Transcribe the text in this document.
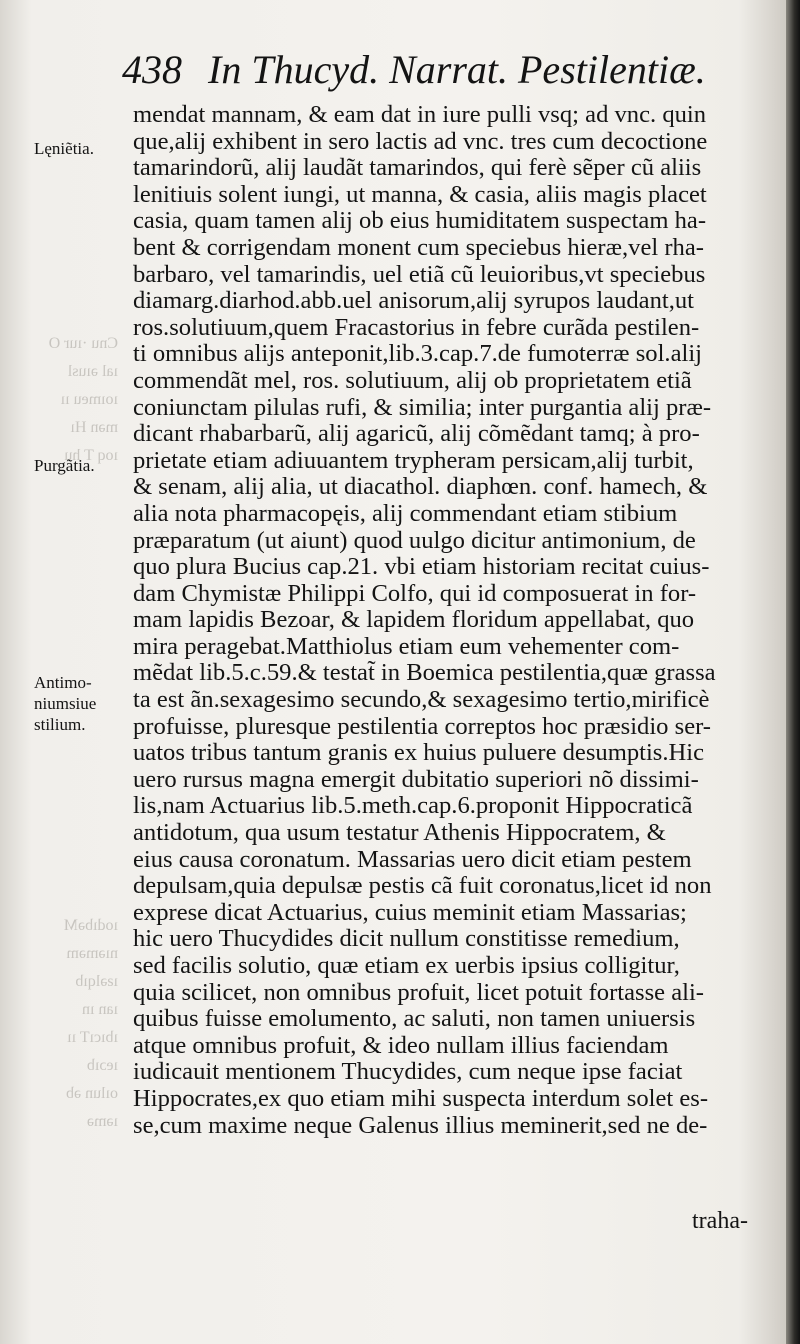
Cnu ·ıur O
ıal əıusl
ıoımeu ıı
mən Hı
ıoq T hu
ıodıbəM
nıəməm
ıƨəlqıb
ıan ın
ıbıcıT ıı
ıeɔıb
oılun əb
ıəmə
438 In Thucyd. Narrat. Pestilentiæ.
Lęniẽtia.
Purgãtia.
Antimo-
niumsiue
stilium.
mendat mannam, & eam dat in iure pulli vsq; ad vnc. quin
que,alij exhibent in sero lactis ad vnc. tres cum decoctione
tamarindorũ, alij laudãt tamarindos, qui ferè sẽper cũ aliis
lenitiuis solent iungi, ut manna, & casia, aliis magis placet
casia, quam tamen alij ob eius humiditatem suspectam ha-
bent & corrigendam monent cum speciebus hieræ,vel rha-
barbaro, vel tamarindis, uel etiã cũ leuioribus,vt speciebus
diamarg.diarhod.abb.uel anisorum,alij syrupos laudant,ut
ros.solutiuum,quem Fracastorius in febre curãda pestilen-
ti omnibus alijs anteponit,lib.3.cap.7.de fumoterræ sol.alij
commendãt mel, ros. solutiuum, alij ob proprietatem etiã
coniunctam pilulas rufi, & similia; inter purgantia alij præ-
dicant rhabarbarũ, alij agaricũ, alij cõmẽdant tamq; à pro-
prietate etiam adiuuantem trypheram persicam,alij turbit,
& senam, alij alia, ut diacathol. diaphœn. conf. hamech, &
alia nota pharmacopęis, alij commendant etiam stibium
præparatum (ut aiunt) quod uulgo dicitur antimonium, de
quo plura Bucius cap.21. vbi etiam historiam recitat cuius-
dam Chymistæ Philippi Colfo, qui id composuerat in for-
mam lapidis Bezoar, & lapidem floridum appellabat, quo
mira peragebat.Matthiolus etiam eum vehementer com-
mẽdat lib.5.c.59.& testat̃ in Boemica pestilentia,quæ grassa
ta est ãn.sexagesimo secundo,& sexagesimo tertio,mirificè
profuisse, pluresque pestilentia correptos hoc præsidio ser-
uatos tribus tantum granis ex huius puluere desumptis.Hic
uero rursus magna emergit dubitatio superiori nõ dissimi-
lis,nam Actuarius lib.5.meth.cap.6.proponit Hippocraticã
antidotum, qua usum testatur Athenis Hippocratem, &
eius causa coronatum. Massarias uero dicit etiam pestem
depulsam,quia depulsæ pestis cã fuit coronatus,licet id non
exprese dicat Actuarius, cuius meminit etiam Massarias;
hic uero Thucydides dicit nullum constitisse remedium,
sed facilis solutio, quæ etiam ex uerbis ipsius colligitur,
quia scilicet, non omnibus profuit, licet potuit fortasse ali-
quibus fuisse emolumento, ac saluti, non tamen uniuersis
atque omnibus profuit, & ideo nullam illius faciendam
iudicauit mentionem Thucydides, cum neque ipse faciat
Hippocrates,ex quo etiam mihi suspecta interdum solet es-
se,cum maxime neque Galenus illius meminerit,sed ne de-
traha-
